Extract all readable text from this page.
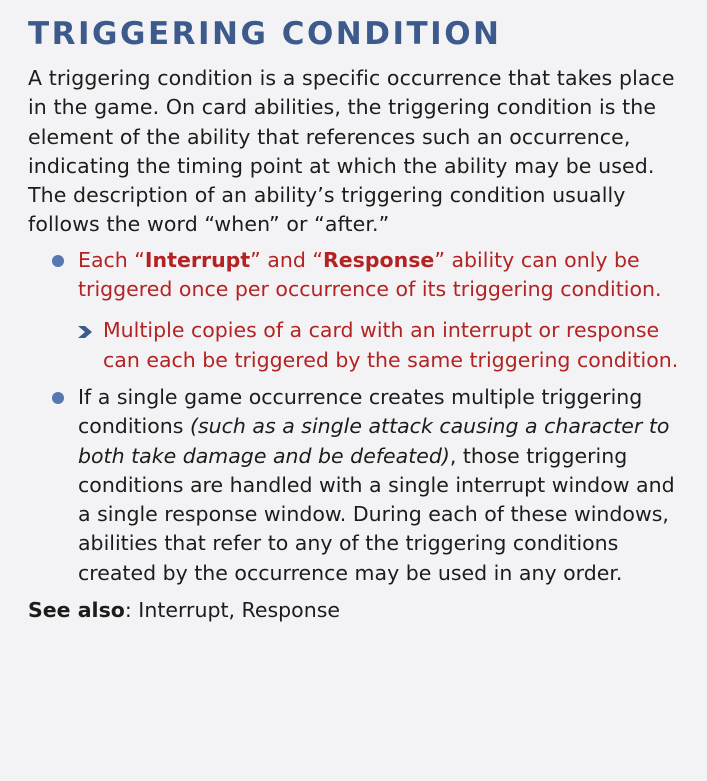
TRIGGERING CONDITION

A triggering condition is a specific occurrence that takes place in the game. On card abilities, the triggering condition is the element of the ability that references such an occurrence, indicating the timing point at which the ability may be used. The description of an ability’s triggering condition usually follows the word “when” or “after.”

Each “Interrupt” and “Response” ability can only be triggered once per occurrence of its triggering condition.
Multiple copies of a card with an interrupt or response can each be triggered by the same triggering condition.
If a single game occurrence creates multiple triggering conditions (such as a single attack causing a character to both take damage and be defeated), those triggering conditions are handled with a single interrupt window and a single response window. During each of these windows, abilities that refer to any of the triggering conditions created by the occurrence may be used in any order.
See also: Interrupt, Response
